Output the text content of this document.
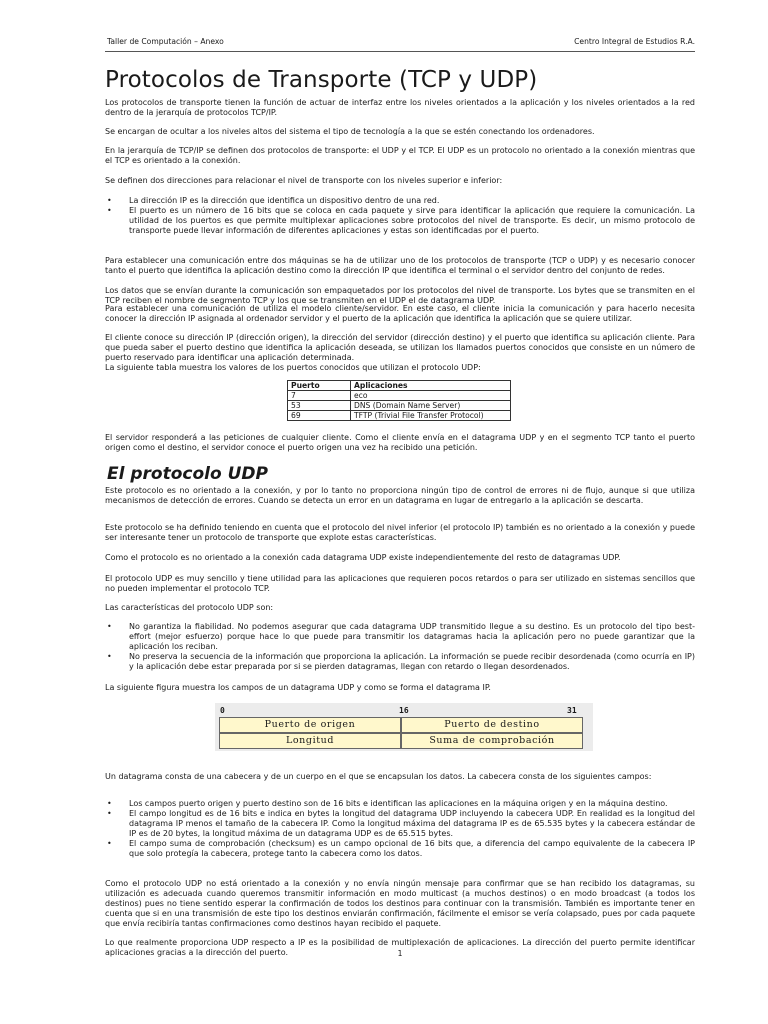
Taller de Computación – Anexo	Centro Integral de Estudios R.A.
Protocolos de Transporte (TCP y UDP)

Los protocolos de transporte tienen la función de actuar de interfaz entre los niveles orientados a la aplicación y los niveles orientados a la red dentro de la jerarquía de protocolos TCP/IP.

Se encargan de ocultar a los niveles altos del sistema el tipo de tecnología a la que se estén conectando los ordenadores.

En la jerarquía de TCP/IP se definen dos protocolos de transporte: el UDP y el TCP. El UDP es un protocolo no orientado a la conexión mientras que el TCP es orientado a la conexión.

Se definen dos direcciones para relacionar el nivel de transporte con los niveles superior e inferior:

• La dirección IP es la dirección que identifica un dispositivo dentro de una red.
• El puerto es un número de 16 bits que se coloca en cada paquete y sirve para identificar la aplicación que requiere la comunicación. La utilidad de los puertos es que permite multiplexar aplicaciones sobre protocolos del nivel de transporte. Es decir, un mismo protocolo de transporte puede llevar información de diferentes aplicaciones y estas son identificadas por el puerto.

Para establecer una comunicación entre dos máquinas se ha de utilizar uno de los protocolos de transporte (TCP o UDP) y es necesario conocer tanto el puerto que identifica la aplicación destino como la dirección IP que identifica el terminal o el servidor dentro del conjunto de redes.

Los datos que se envían durante la comunicación son empaquetados por los protocolos del nivel de transporte. Los bytes que se transmiten en el TCP reciben el nombre de segmento TCP y los que se transmiten en el UDP el de datagrama UDP.

Para establecer una comunicación de utiliza el modelo cliente/servidor. En este caso, el cliente inicia la comunicación y para hacerlo necesita conocer la dirección IP asignada al ordenador servidor y el puerto de la aplicación que identifica la aplicación que se quiere utilizar.

El cliente conoce su dirección IP (dirección origen), la dirección del servidor (dirección destino) y el puerto que identifica su aplicación cliente. Para que pueda saber el puerto destino que identifica la aplicación deseada, se utilizan los llamados puertos conocidos que consiste en un número de puerto reservado para identificar una aplicación determinada.

La siguiente tabla muestra los valores de los puertos conocidos que utilizan el protocolo UDP:

Puerto	Aplicaciones
7	eco
53	DNS (Domain Name Server)
69	TFTP (Trivial File Transfer Protocol)

El servidor responderá a las peticiones de cualquier cliente. Como el cliente envía en el datagrama UDP y en el segmento TCP tanto el puerto origen como el destino, el servidor conoce el puerto origen una vez ha recibido una petición.

El protocolo UDP

Este protocolo es no orientado a la conexión, y por lo tanto no proporciona ningún tipo de control de errores ni de flujo, aunque si que utiliza mecanismos de detección de errores. Cuando se detecta un error en un datagrama en lugar de entregarlo a la aplicación se descarta.

Este protocolo se ha definido teniendo en cuenta que el protocolo del nivel inferior (el protocolo IP) también es no orientado a la conexión y puede ser interesante tener un protocolo de transporte que explote estas características.

Como el protocolo es no orientado a la conexión cada datagrama UDP existe independientemente del resto de datagramas UDP.

El protocolo UDP es muy sencillo y tiene utilidad para las aplicaciones que requieren pocos retardos o para ser utilizado en sistemas sencillos que no pueden implementar el protocolo TCP.

Las características del protocolo UDP son:

• No garantiza la fiabilidad. No podemos asegurar que cada datagrama UDP transmitido llegue a su destino. Es un protocolo del tipo best-effort (mejor esfuerzo) porque hace lo que puede para transmitir los datagramas hacia la aplicación pero no puede garantizar que la aplicación los reciban.
• No preserva la secuencia de la información que proporciona la aplicación. La información se puede recibir desordenada (como ocurría en IP) y la aplicación debe estar preparada por si se pierden datagramas, llegan con retardo o llegan desordenados.

La siguiente figura muestra los campos de un datagrama UDP y como se forma el datagrama IP.

0	16	31
Puerto de origen	Puerto de destino
Longitud	Suma de comprobación

Un datagrama consta de una cabecera y de un cuerpo en el que se encapsulan los datos. La cabecera consta de los siguientes campos:

• Los campos puerto origen y puerto destino son de 16 bits e identifican las aplicaciones en la máquina origen y en la máquina destino.
• El campo longitud es de 16 bits e indica en bytes la longitud del datagrama UDP incluyendo la cabecera UDP. En realidad es la longitud del datagrama IP menos el tamaño de la cabecera IP. Como la longitud máxima del datagrama IP es de 65.535 bytes y la cabecera estándar de IP es de 20 bytes, la longitud máxima de un datagrama UDP es de 65.515 bytes.
• El campo suma de comprobación (checksum) es un campo opcional de 16 bits que, a diferencia del campo equivalente de la cabecera IP que solo protegía la cabecera, protege tanto la cabecera como los datos.

Como el protocolo UDP no está orientado a la conexión y no envía ningún mensaje para confirmar que se han recibido los datagramas, su utilización es adecuada cuando queremos transmitir información en modo multicast (a muchos destinos) o en modo broadcast (a todos los destinos) pues no tiene sentido esperar la confirmación de todos los destinos para continuar con la transmisión. También es importante tener en cuenta que si en una transmisión de este tipo los destinos enviarán confirmación, fácilmente el emisor se vería colapsado, pues por cada paquete que envía recibiría tantas confirmaciones como destinos hayan recibido el paquete.

Lo que realmente proporciona UDP respecto a IP es la posibilidad de multiplexación de aplicaciones. La dirección del puerto permite identificar aplicaciones gracias a la dirección del puerto.	1
